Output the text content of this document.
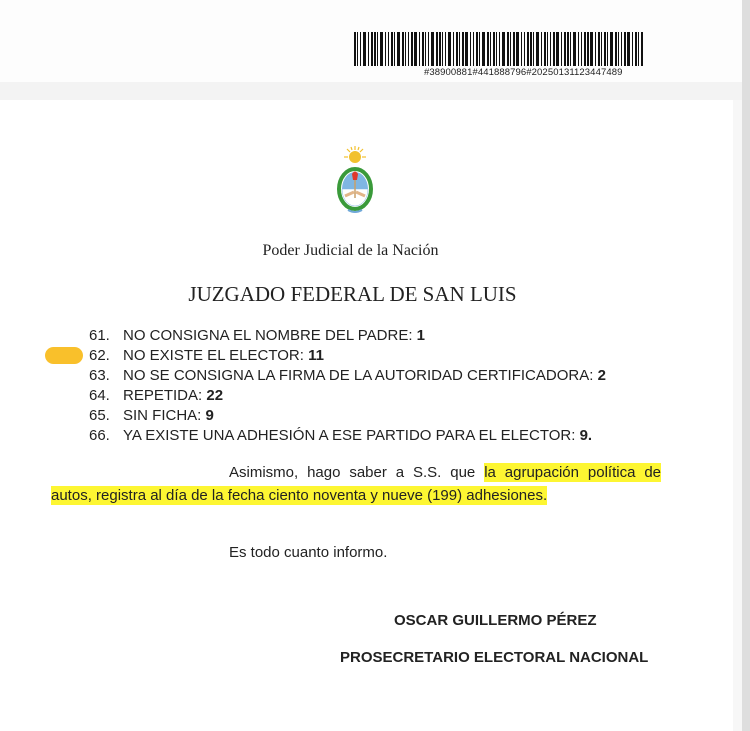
#38900881#441888796#20250131123447489
Poder Judicial de la Nación
JUZGADO FEDERAL DE SAN LUIS
61. NO CONSIGNA EL NOMBRE DEL PADRE: 1
62. NO EXISTE EL ELECTOR: 11
63. NO SE CONSIGNA LA FIRMA DE LA AUTORIDAD CERTIFICADORA: 2
64. REPETIDA: 22
65. SIN FICHA: 9
66. YA EXISTE UNA ADHESIÓN A ESE PARTIDO PARA EL ELECTOR: 9.
Asimismo, hago saber a S.S. que la agrupación política de autos, registra al día de la fecha ciento noventa y nueve (199) adhesiones.
Es todo cuanto informo.
OSCAR GUILLERMO PÉREZ
PROSECRETARIO ELECTORAL NACIONAL
